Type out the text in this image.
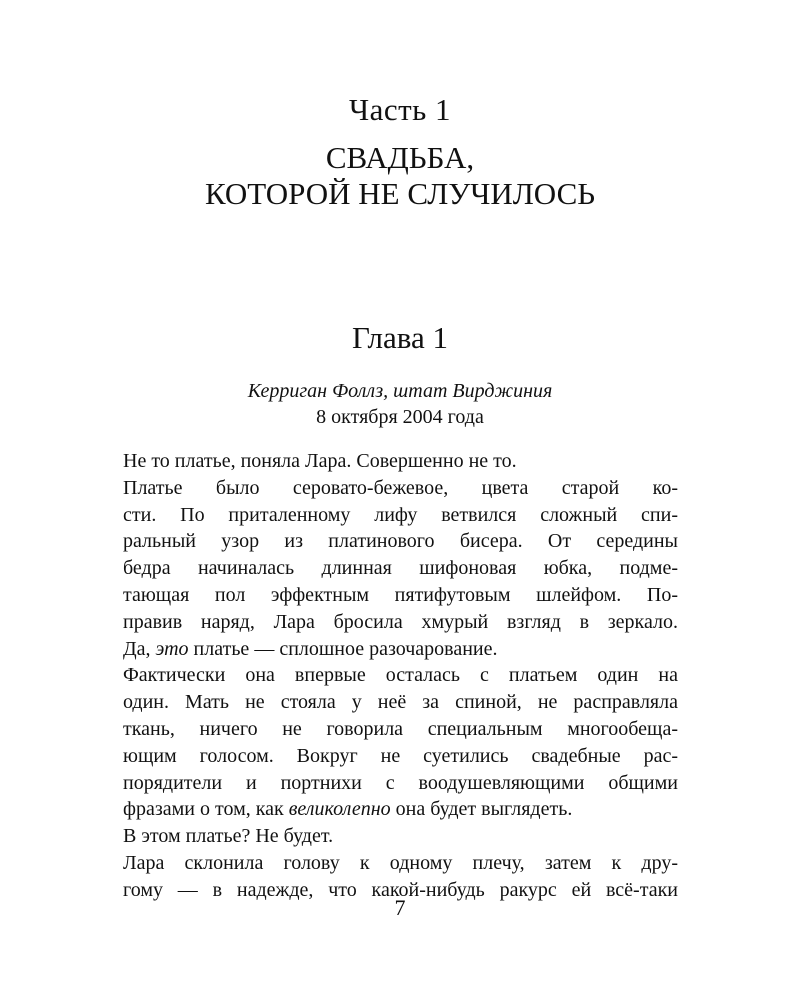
Часть 1
СВАДЬБА,
КОТОРОЙ НЕ СЛУЧИЛОСЬ
Глава 1
Керриган Фоллз, штат Вирджиния
8 октября 2004 года
Не то платье, поняла Лара. Совершенно не то.
Платье было серовато-бежевое, цвета старой ко-
сти. По приталенному лифу ветвился сложный спи-
ральный узор из платинового бисера. От середины
бедра начиналась длинная шифоновая юбка, подме-
тающая пол эффектным пятифутовым шлейфом. По-
правив наряд, Лара бросила хмурый взгляд в зеркало.
Да, это платье — сплошное разочарование.
Фактически она впервые осталась с платьем один на
один. Мать не стояла у неё за спиной, не расправляла
ткань, ничего не говорила специальным многообеща-
ющим голосом. Вокруг не суетились свадебные рас-
порядители и портнихи с воодушевляющими общими
фразами о том, как великолепно она будет выглядеть.
В этом платье? Не будет.
Лара склонила голову к одному плечу, затем к дру-
гому — в надежде, что какой-нибудь ракурс ей всё-таки
7
